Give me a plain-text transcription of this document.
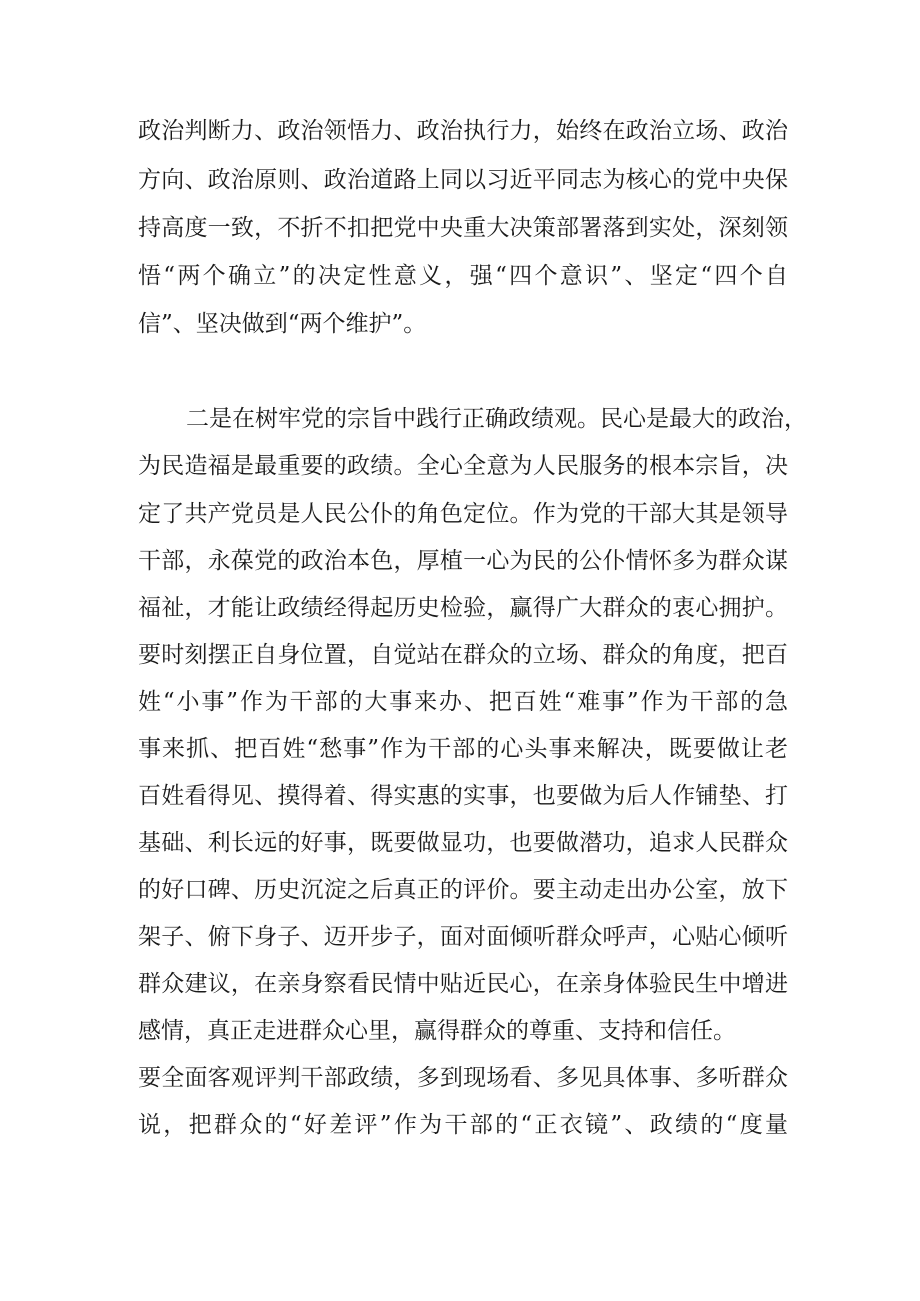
政治判断力、政治领悟力、政治执行力，始终在政治立场、政治
方向、政治原则、政治道路上同以习近平同志为核心的党中央保
持高度一致，不折不扣把党中央重大决策部署落到实处，深刻领
悟“两个确立”的决定性意义，强“四个意识”、坚定“四个自
信”、坚决做到“两个维护”。
二是在树牢党的宗旨中践行正确政绩观。民心是最大的政治，
为民造福是最重要的政绩。全心全意为人民服务的根本宗旨，决
定了共产党员是人民公仆的角色定位。作为党的干部大其是领导
干部，永葆党的政治本色，厚植一心为民的公仆情怀多为群众谋
福祉，才能让政绩经得起历史检验，赢得广大群众的衷心拥护。
要时刻摆正自身位置，自觉站在群众的立场、群众的角度，把百
姓“小事”作为干部的大事来办、把百姓“难事”作为干部的急
事来抓、把百姓“愁事”作为干部的心头事来解决，既要做让老
百姓看得见、摸得着、得实惠的实事，也要做为后人作铺垫、打
基础、利长远的好事，既要做显功，也要做潜功，追求人民群众
的好口碑、历史沉淀之后真正的评价。要主动走出办公室，放下
架子、俯下身子、迈开步子，面对面倾听群众呼声，心贴心倾听
群众建议，在亲身察看民情中贴近民心，在亲身体验民生中增进
感情，真正走进群众心里，赢得群众的尊重、支持和信任。
要全面客观评判干部政绩，多到现场看、多见具体事、多听群众
说，把群众的“好差评”作为干部的“正衣镜”、政绩的“度量
